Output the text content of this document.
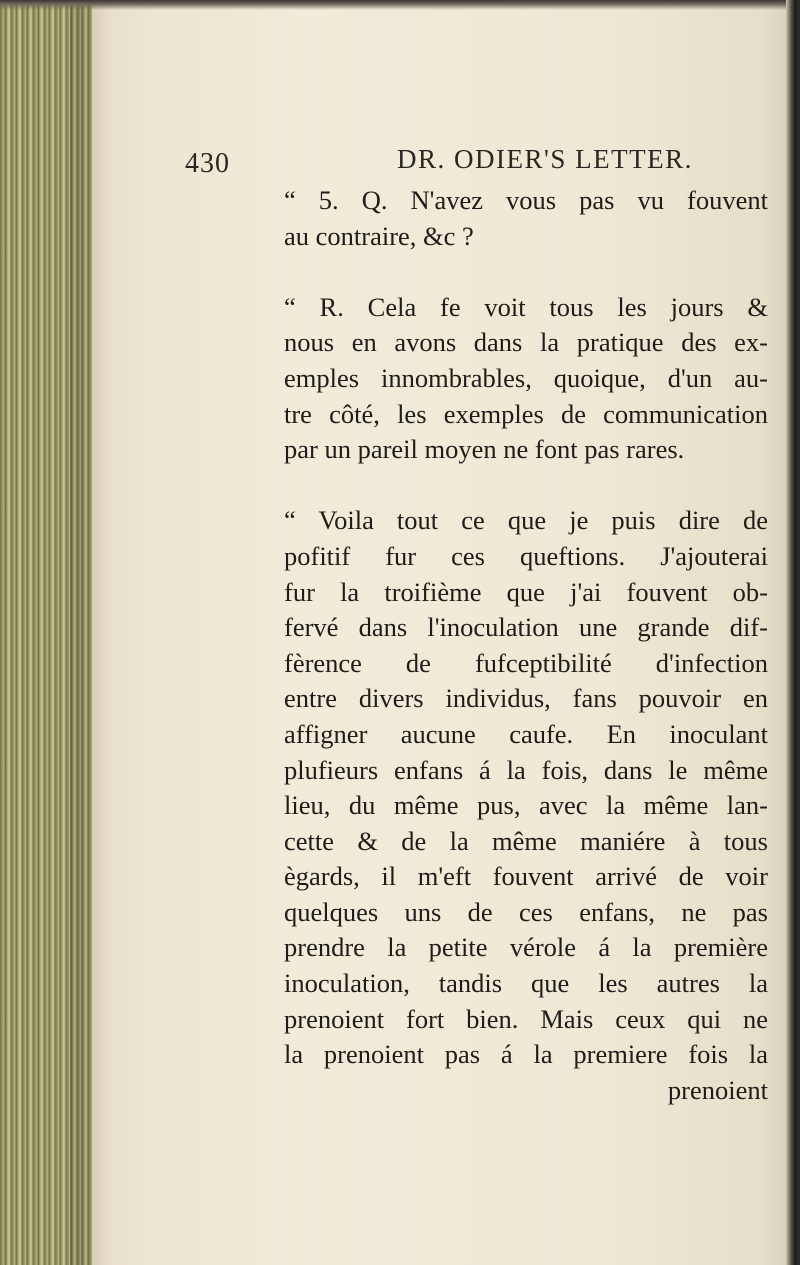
430	DR. ODIER'S LETTER.
“ 5. Q. N'avez vous pas vu fouvent
au contraire, &c ?
“ R. Cela fe voit tous les jours &
nous en avons dans la pratique des ex-
emples innombrables, quoique, d'un au-
tre côté, les exemples de communication
par un pareil moyen ne font pas rares.
“ Voila tout ce que je puis dire de
pofitif fur ces queftions. J'ajouterai
fur la troifième que j'ai fouvent ob-
fervé dans l'inoculation une grande dif-
fèrence de fufceptibilité d'infection
entre divers individus, fans pouvoir en
affigner aucune caufe. En inoculant
plufieurs enfans á la fois, dans le même
lieu, du même pus, avec la même lan-
cette & de la même maniére à tous
ègards, il m'eft fouvent arrivé de voir
quelques uns de ces enfans, ne pas
prendre la petite vérole á la première
inoculation, tandis que les autres la
prenoient fort bien. Mais ceux qui ne
la prenoient pas á la premiere fois la
prenoient
